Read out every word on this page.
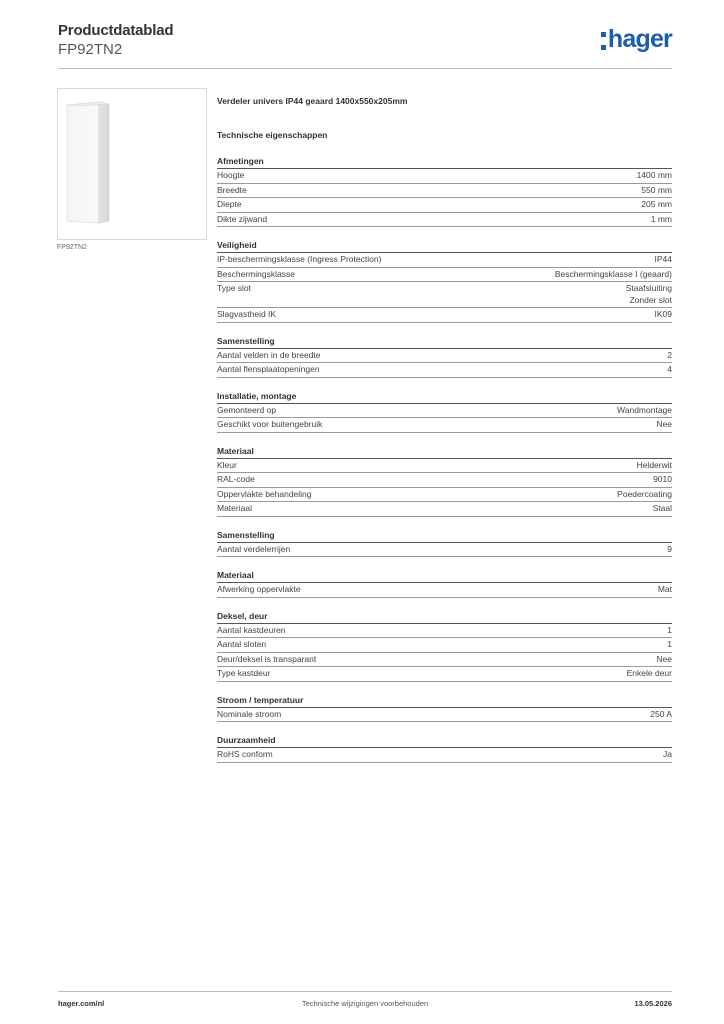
Productdatablad
FP92TN2	hager
FP92TN2
Verdeler univers IP44 geaard 1400x550x205mm
Technische eigenschappen
Afmetingen
Hoogte	1400 mm
Breedte	550 mm
Diepte	205 mm
Dikte zijwand	1 mm
Veiligheid
IP-beschermingsklasse (Ingress Protection)	IP44
Beschermingsklasse	Beschermingsklasse I (geaard)
Type slot	Staafsluiting
Zonder slot
Slagvastheid IK	IK09
Samenstelling
Aantal velden in de breedte	2
Aantal flensplaatopeningen	4
Installatie, montage
Gemonteerd op	Wandmontage
Geschikt voor buitengebruik	Nee
Materiaal
Kleur	Helderwit
RAL-code	9010
Oppervlakte behandeling	Poedercoating
Materiaal	Staal
Samenstelling
Aantal verdelerrijen	9
Materiaal
Afwerking oppervlakte	Mat
Deksel, deur
Aantal kastdeuren	1
Aantal sloten	1
Deur/deksel is transparant	Nee
Type kastdeur	Enkele deur
Stroom / temperatuur
Nominale stroom	250 A
Duurzaamheid
RoHS conform	Ja
hager.com/nl	Technische wijzigingen voorbehouden	13.05.2026
